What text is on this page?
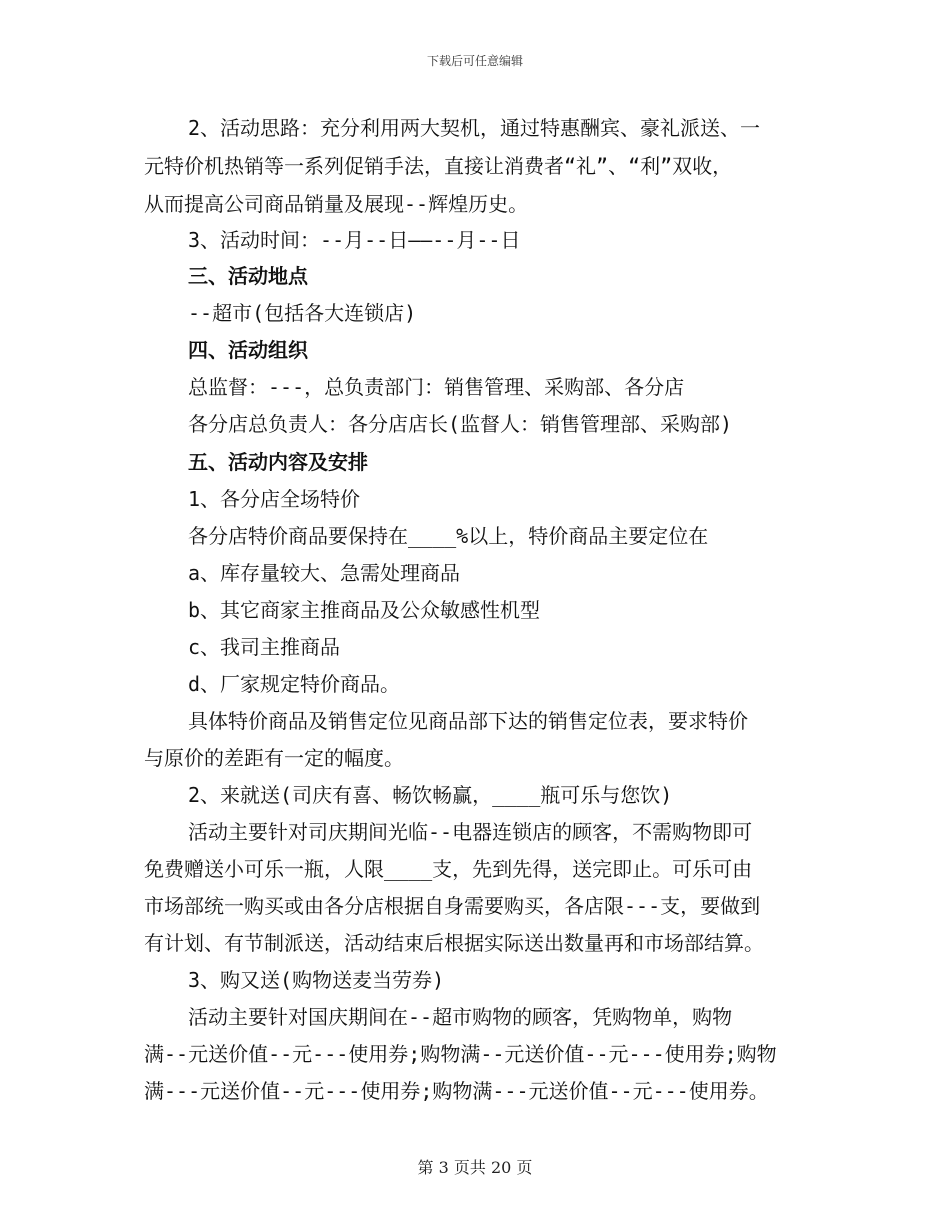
下载后可任意编辑
2、活动思路：充分利用两大契机，通过特惠酬宾、豪礼派送、一
元特价机热销等一系列促销手法，直接让消费者“礼”、“利”双收，
从而提高公司商品销量及展现--辉煌历史。
3、活动时间：--月--日——--月--日
三、活动地点
--超市(包括各大连锁店)
四、活动组织
总监督：---，总负责部门：销售管理、采购部、各分店
各分店总负责人：各分店店长(监督人：销售管理部、采购部)
五、活动内容及安排
1、各分店全场特价
各分店特价商品要保持在____%以上，特价商品主要定位在
a、库存量较大、急需处理商品
b、其它商家主推商品及公众敏感性机型
c、我司主推商品
d、厂家规定特价商品。
具体特价商品及销售定位见商品部下达的销售定位表，要求特价
与原价的差距有一定的幅度。
2、来就送(司庆有喜、畅饮畅赢，____瓶可乐与您饮)
活动主要针对司庆期间光临--电器连锁店的顾客，不需购物即可
免费赠送小可乐一瓶，人限____支，先到先得，送完即止。可乐可由
市场部统一购买或由各分店根据自身需要购买，各店限---支，要做到
有计划、有节制派送，活动结束后根据实际送出数量再和市场部结算。
3、购又送(购物送麦当劳券)
活动主要针对国庆期间在--超市购物的顾客，凭购物单，购物
满--元送价值--元---使用券;购物满--元送价值--元---使用券;购物
满---元送价值--元---使用券;购物满---元送价值--元---使用券。
第 3 页共 20 页
